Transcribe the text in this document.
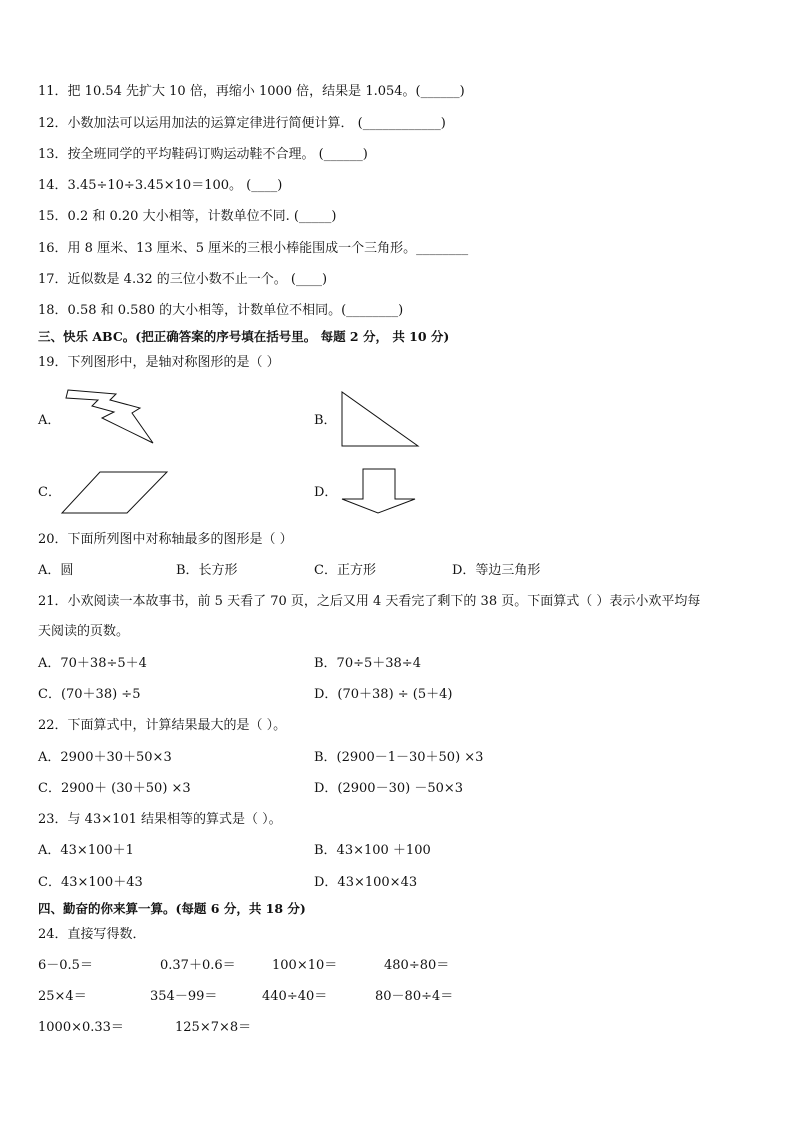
11．把 10.54 先扩大 10 倍，再缩小 1000 倍，结果是 1.054。(______)
12．小数加法可以运用加法的运算定律进行简便计算． (____________)
13．按全班同学的平均鞋码订购运动鞋不合理。 (______)
14．3.45÷10÷3.45×10＝100。 (____)
15．0.2 和 0.20 大小相等，计数单位不同. (_____)
16．用 8 厘米、13 厘米、5 厘米的三根小棒能围成一个三角形。________
17．近似数是 4.32 的三位小数不止一个。 (____)
18．0.58 和 0.580 的大小相等，计数单位不相同。(________)
三、快乐 ABC。(把正确答案的序号填在括号里。 每题 2 分， 共 10 分)
19．下列图形中，是轴对称图形的是（ ）
A．	B．
C．	D．
20．下面所列图中对称轴最多的图形是（ ）
A．圆	B．长方形	C．正方形	D．等边三角形
21．小欢阅读一本故事书，前 5 天看了 70 页，之后又用 4 天看完了剩下的 38 页。下面算式（ ）表示小欢平均每
天阅读的页数。
A．70＋38÷5＋4	B．70÷5＋38÷4
C．(70＋38) ÷5	D．(70＋38) ÷ (5＋4)
22．下面算式中，计算结果最大的是（ ）。
A．2900＋30＋50×3	B．(2900－1－30＋50) ×3
C．2900＋ (30＋50) ×3	D．(2900－30) －50×3
23．与 43×101 结果相等的算式是（ ）。
A．43×100＋1	B．43×100 ＋100
C．43×100＋43	D．43×100×43
四、勤奋的你来算一算。(每题 6 分，共 18 分)
24．直接写得数．
6－0.5＝	0.37＋0.6＝	100×10＝	480÷80＝
25×4＝	354－99＝	440÷40＝	80－80÷4＝
1000×0.33＝	125×7×8＝
